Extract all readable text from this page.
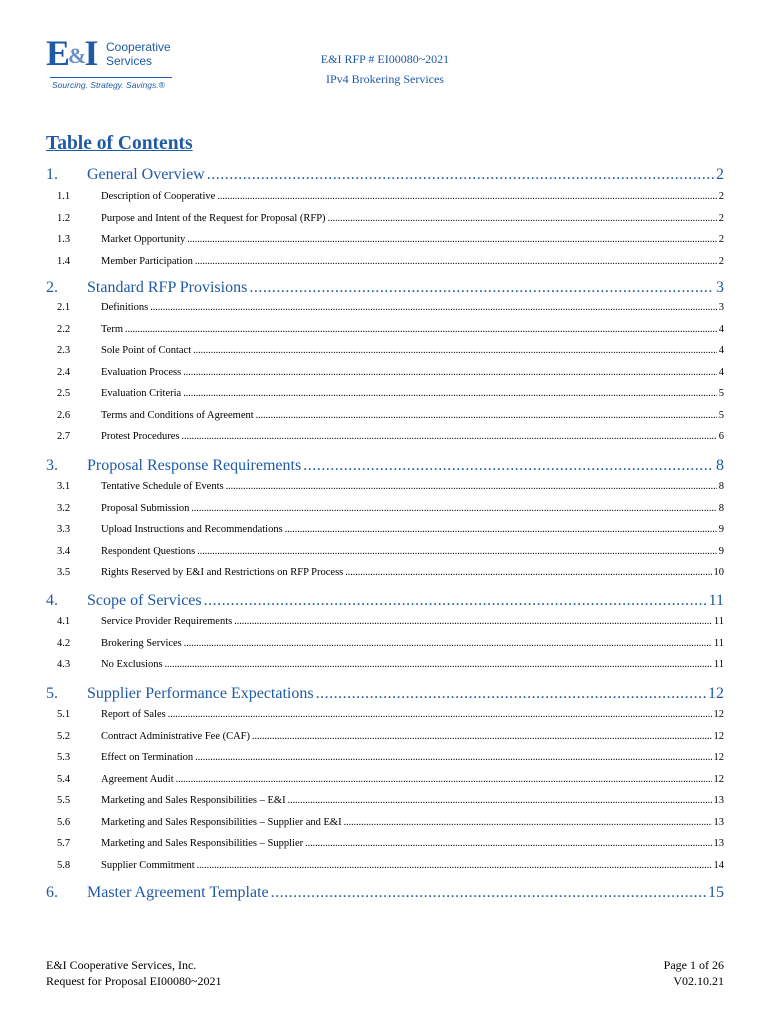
E&I Cooperative
Services
Sourcing. Strategy. Savings.®
E&I RFP # EI00080~2021
IPv4 Brokering Services
Table of Contents
1.	General Overview .....	2
1.1	Description of Cooperative .....	2
1.2	Purpose and Intent of the Request for Proposal (RFP) .....	2
1.3	Market Opportunity .....	2
1.4	Member Participation .....	2
2.	Standard RFP Provisions .....	3
2.1	Definitions .....	3
2.2	Term .....	4
2.3	Sole Point of Contact .....	4
2.4	Evaluation Process .....	4
2.5	Evaluation Criteria .....	5
2.6	Terms and Conditions of Agreement .....	5
2.7	Protest Procedures .....	6
3.	Proposal Response Requirements .....	8
3.1	Tentative Schedule of Events .....	8
3.2	Proposal Submission .....	8
3.3	Upload Instructions and Recommendations .....	9
3.4	Respondent Questions .....	9
3.5	Rights Reserved by E&I and Restrictions on RFP Process .....	10
4.	Scope of Services .....	11
4.1	Service Provider Requirements .....	11
4.2	Brokering Services .....	11
4.3	No Exclusions .....	11
5.	Supplier Performance Expectations .....	12
5.1	Report of Sales .....	12
5.2	Contract Administrative Fee (CAF) .....	12
5.3	Effect on Termination .....	12
5.4	Agreement Audit .....	12
5.5	Marketing and Sales Responsibilities – E&I .....	13
5.6	Marketing and Sales Responsibilities – Supplier and E&I .....	13
5.7	Marketing and Sales Responsibilities – Supplier .....	13
5.8	Supplier Commitment .....	14
6.	Master Agreement Template .....	15
E&I Cooperative Services, Inc.
Request for Proposal EI00080~2021
Page 1 of 26
V02.10.21
